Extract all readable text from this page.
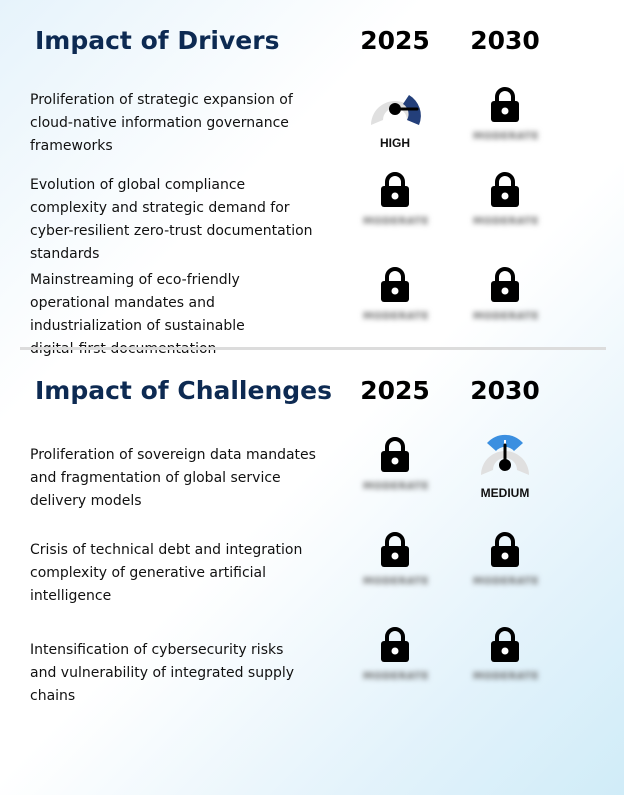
Impact of Drivers	2025	2030
Proliferation of strategic expansion of
cloud-native information governance
frameworks	HIGH	MODERATE
Evolution of global compliance
complexity and strategic demand for
cyber-resilient zero-trust documentation
standards
MODERATE	MODERATE
Mainstreaming of eco-friendly
operational mandates and
industrialization of sustainable
MODERATE	MODERATE
Impact of Challenges	2025	2030
Proliferation of sovereign data mandates
and fragmentation of global service
delivery models
MODERATE	MEDIUM
Crisis of technical debt and integration
complexity of generative artificial
intelligence
MODERATE	MODERATE
Intensification of cybersecurity risks
and vulnerability of integrated supply
chains
MODERATE	MODERATE
